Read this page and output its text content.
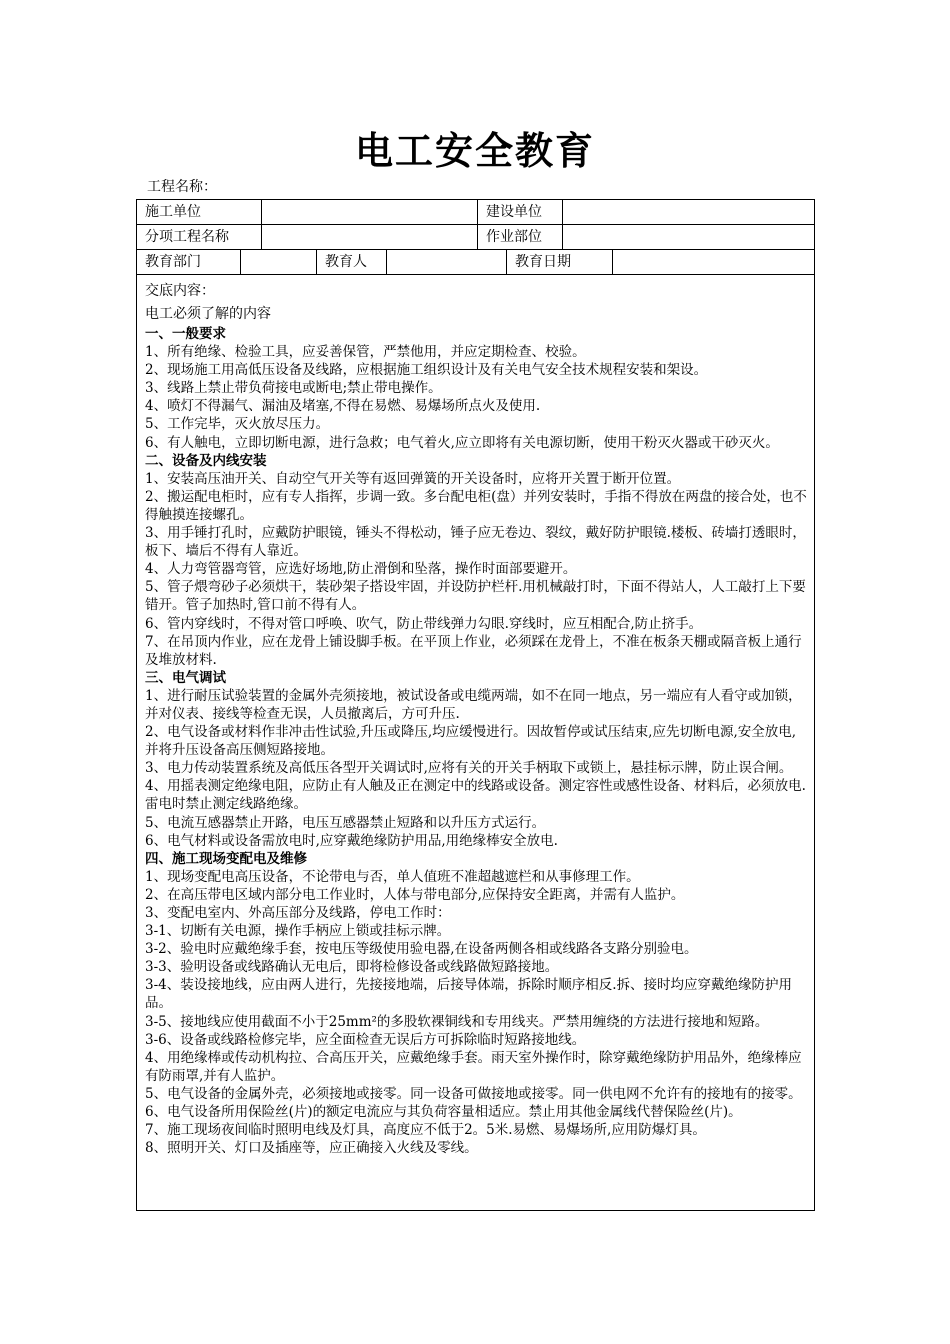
电工安全教育
工程名称：
施工单位	建设单位
分项工程名称	作业部位
教育部门	教育人	教育日期
交底内容：
电工必须了解的内容
一、一般要求

1、所有绝缘、检验工具，应妥善保管，严禁他用，并应定期检查、校验。

2、现场施工用高低压设备及线路，应根据施工组织设计及有关电气安全技术规程安装和架设。

3、线路上禁止带负荷接电或断电;禁止带电操作。

4、喷灯不得漏气、漏油及堵塞,不得在易燃、易爆场所点火及使用.

5、工作完毕，灭火放尽压力。

6、有人触电，立即切断电源，进行急救；电气着火,应立即将有关电源切断，使用干粉灭火器或干砂灭火。

二、设备及内线安装

1、安装高压油开关、自动空气开关等有返回弹簧的开关设备时，应将开关置于断开位置。

2、搬运配电柜时，应有专人指挥，步调一致。多台配电柜(盘）并列安装时，手指不得放在两盘的接合处，也不得触摸连接螺孔。

3、用手锤打孔时，应戴防护眼镜，锤头不得松动，锤子应无卷边、裂纹，戴好防护眼镜.楼板、砖墙打透眼时，板下、墙后不得有人靠近。

4、人力弯管器弯管，应选好场地,防止滑倒和坠落，操作时面部要避开。

5、管子煨弯砂子必须烘干，装砂架子搭设牢固，并设防护栏杆.用机械敲打时，下面不得站人，人工敲打上下要错开。管子加热时,管口前不得有人。

6、管内穿线时，不得对管口呼唤、吹气，防止带线弹力勾眼.穿线时，应互相配合,防止挤手。

7、在吊顶内作业，应在龙骨上铺设脚手板。在平顶上作业，必须踩在龙骨上，不准在板条天棚或隔音板上通行及堆放材料.

三、电气调试

1、进行耐压试验装置的金属外壳须接地，被试设备或电缆两端，如不在同一地点，另一端应有人看守或加锁，并对仪表、接线等检查无误，人员撤离后，方可升压.

2、电气设备或材料作非冲击性试验,升压或降压,均应缓慢进行。因故暂停或试压结束,应先切断电源,安全放电,并将升压设备高压侧短路接地。

3、电力传动装置系统及高低压各型开关调试时,应将有关的开关手柄取下或锁上，悬挂标示牌，防止误合闸。

4、用摇表测定绝缘电阻，应防止有人触及正在测定中的线路或设备。测定容性或感性设备、材料后，必须放电.雷电时禁止测定线路绝缘。

5、电流互感器禁止开路，电压互感器禁止短路和以升压方式运行。

6、电气材料或设备需放电时,应穿戴绝缘防护用品,用绝缘棒安全放电.

四、施工现场变配电及维修

1、现场变配电高压设备，不论带电与否，单人值班不准超越遮栏和从事修理工作。

2、在高压带电区域内部分电工作业时，人体与带电部分,应保持安全距离，并需有人监护。

3、变配电室内、外高压部分及线路，停电工作时：

3-1、切断有关电源，操作手柄应上锁或挂标示牌。

3-2、验电时应戴绝缘手套，按电压等级使用验电器,在设备两侧各相或线路各支路分别验电。

3-3、验明设备或线路确认无电后，即将检修设备或线路做短路接地。

3-4、装设接地线，应由两人进行，先接接地端，后接导体端，拆除时顺序相反.拆、接时均应穿戴绝缘防护用品。

3-5、接地线应使用截面不小于25mm²的多股软裸铜线和专用线夹。严禁用缠绕的方法进行接地和短路。

3-6、设备或线路检修完毕，应全面检查无误后方可拆除临时短路接地线。

4、用绝缘棒或传动机构拉、合高压开关，应戴绝缘手套。雨天室外操作时，除穿戴绝缘防护用品外，绝缘棒应有防雨罩,并有人监护。

5、电气设备的金属外壳，必须接地或接零。同一设备可做接地或接零。同一供电网不允许有的接地有的接零。

6、电气设备所用保险丝(片)的额定电流应与其负荷容量相适应。禁止用其他金属线代替保险丝(片)。

7、施工现场夜间临时照明电线及灯具，高度应不低于2。5米.易燃、易爆场所,应用防爆灯具。

8、照明开关、灯口及插座等，应正确接入火线及零线。
